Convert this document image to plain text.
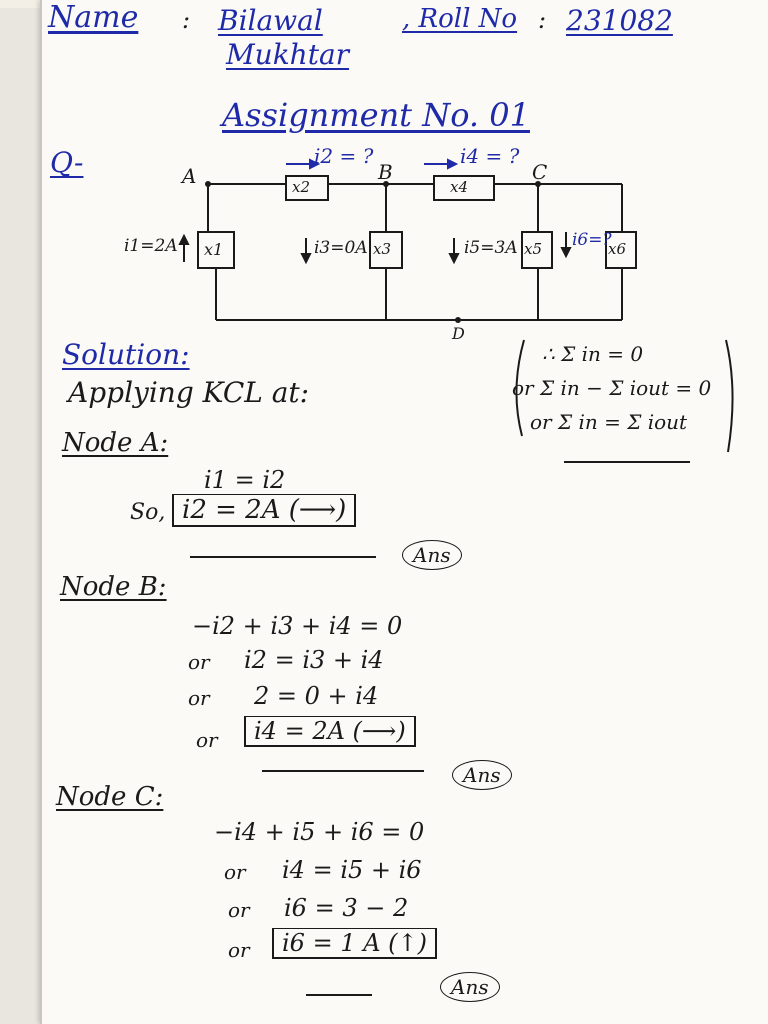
Name : Bilawal
Mukhtar
, Roll No : 231082
Assignment No. 01
Q-	A	B	C
D
i2 = ?	i4 = ?
i1=2A	i3=0A	i5=3A	i6=?
x2	x4
x1	x3	x5	x6
∴ Σ in = 0
or Σ in − Σ iout = 0
or Σ in = Σ iout
Solution:
Applying KCL at:
Node A:
i1 = i2
So, i2 = 2A (⟶)
Ans
Node B:
−i2 + i3 + i4 = 0
or i2 = i3 + i4
or 2 = 0 + i4
or	i4 = 2A (⟶)
Ans
Node C:
−i4 + i5 + i6 = 0
or i4 = i5 + i6
or i6 = 3 − 2
or	i6 = 1 A (↑)
Ans
